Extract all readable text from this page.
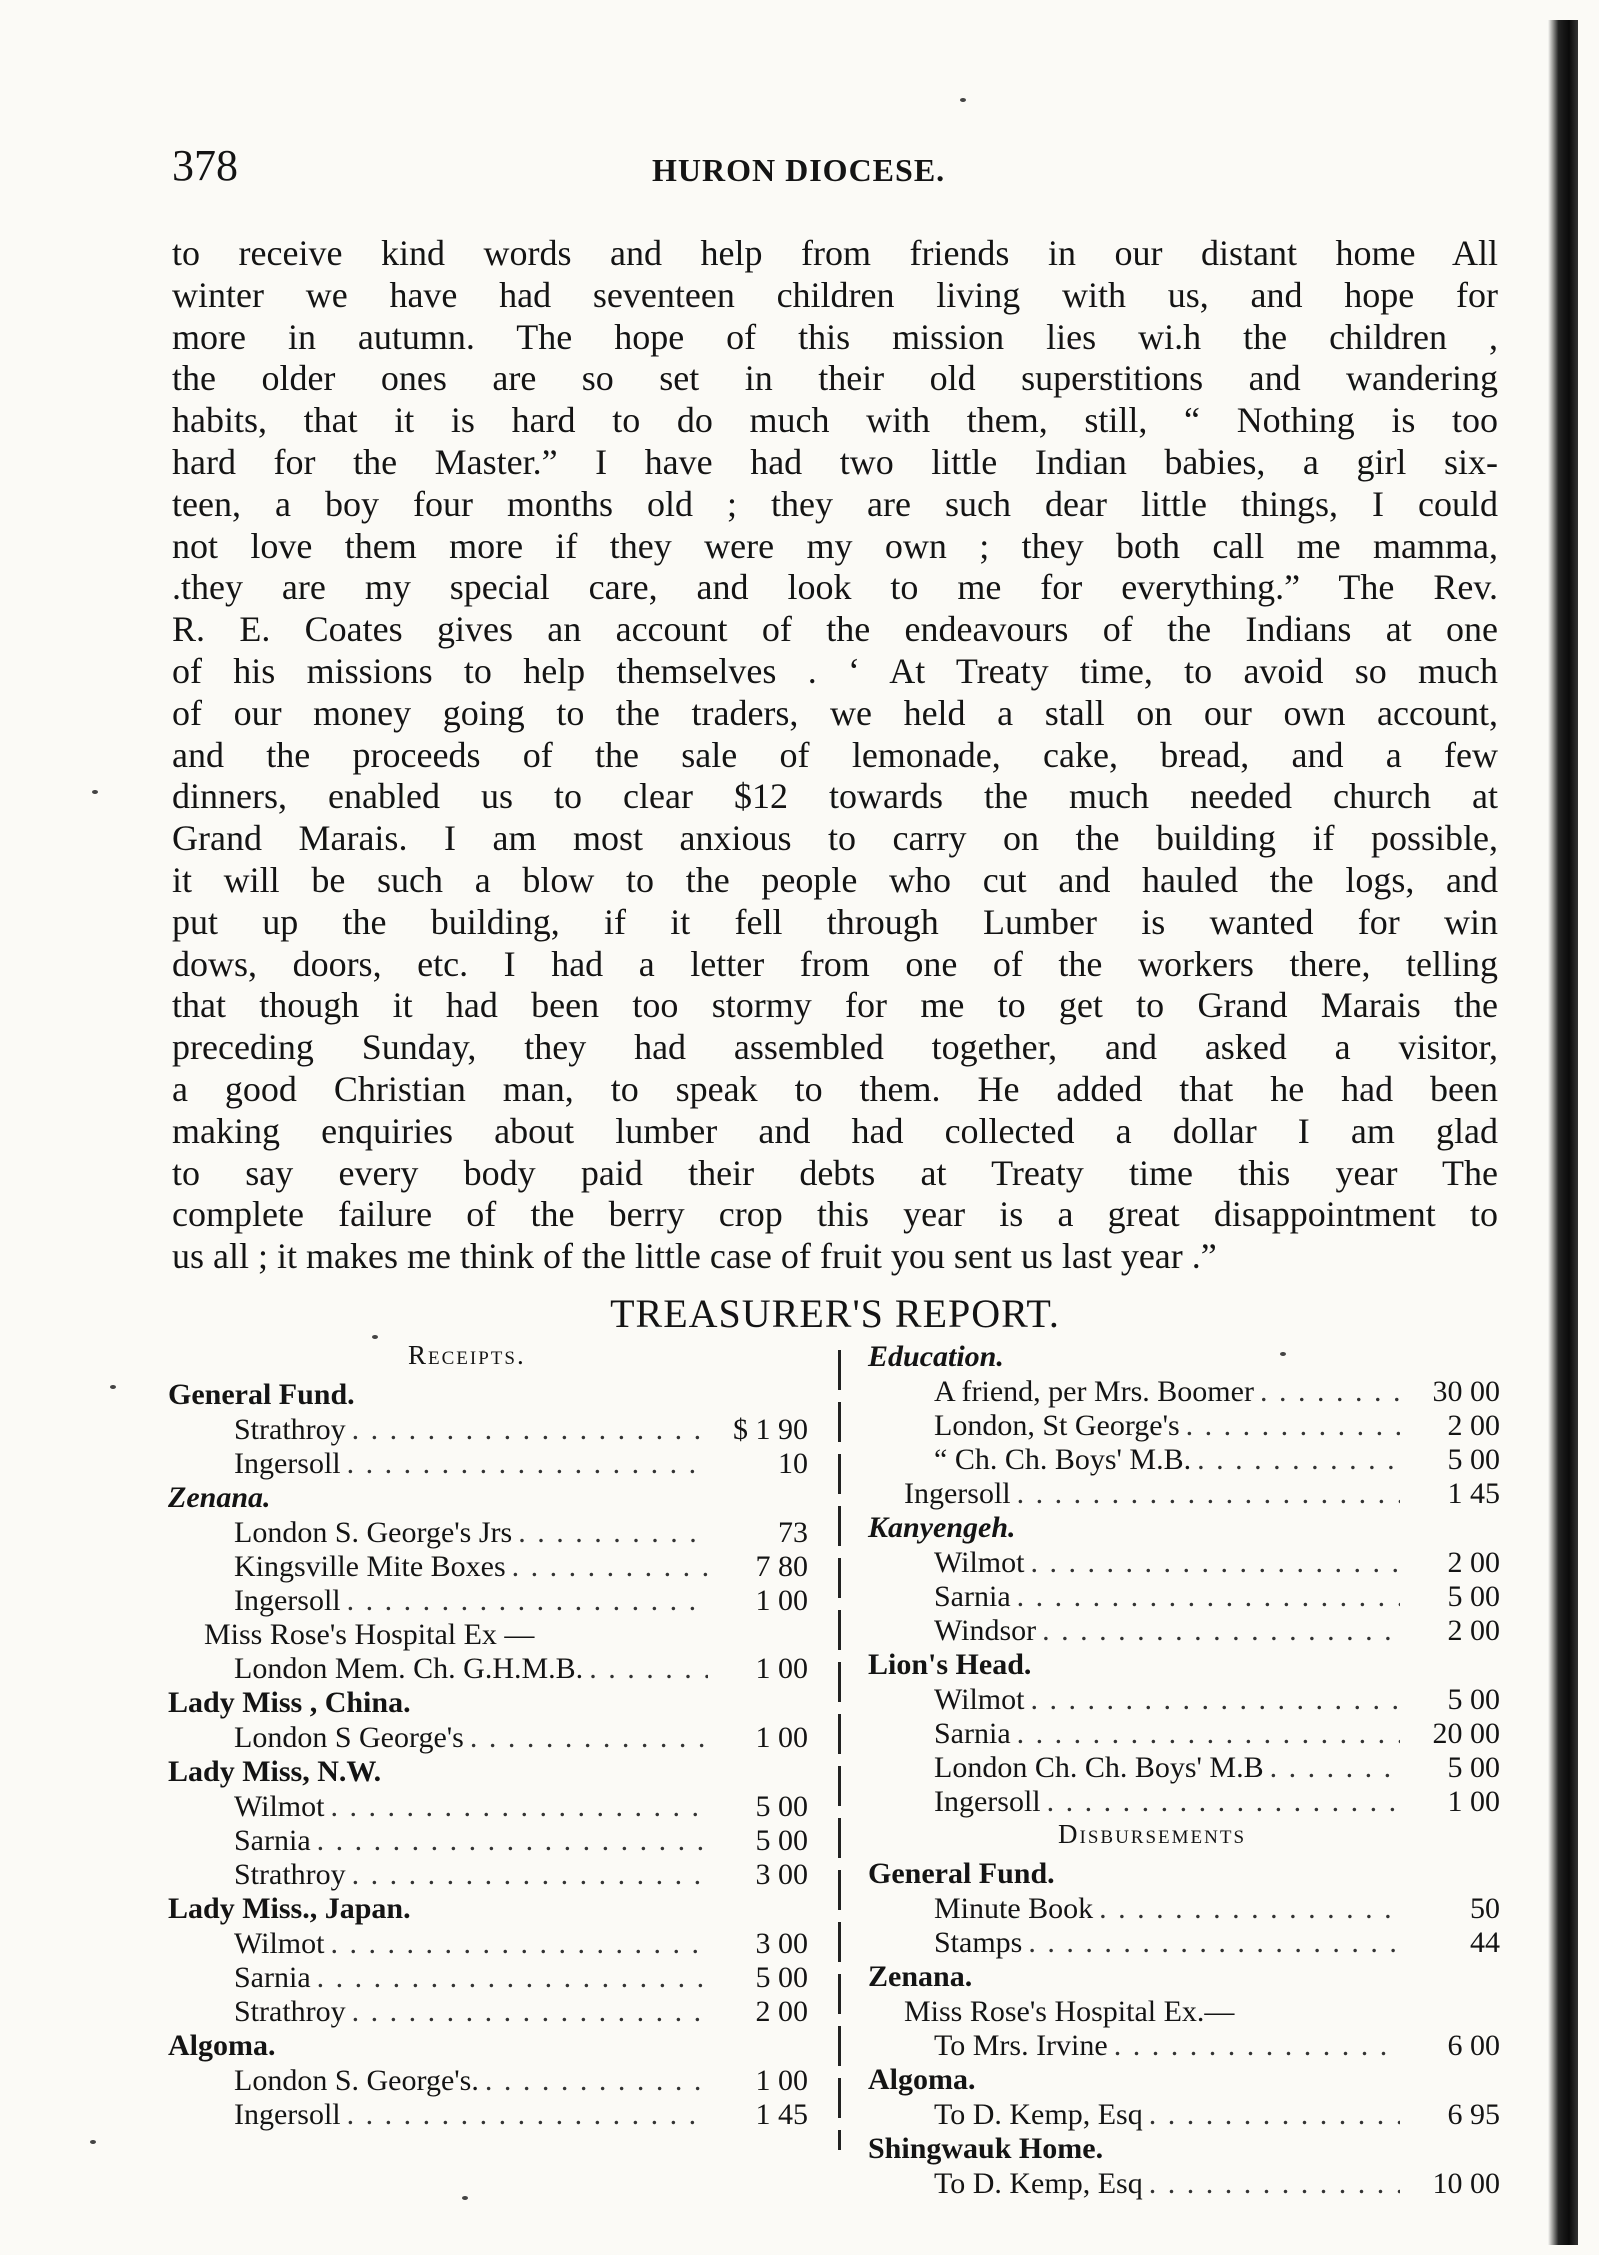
378	HURON DIOCESE.
to receive kind words and help from friends in our distant home All
winter we have had seventeen children living with us, and hope for
more in autumn. The hope of this mission lies wi.h the children ,
the older ones are so set in their old superstitions and wandering
habits, that it is hard to do much with them, still, “ Nothing is too
hard for the Master.” I have had two little Indian babies, a girl six-
teen, a boy four months old ; they are such dear little things, I could
not love them more if they were my own ; they both call me mamma,
.they are my special care, and look to me for everything.” The Rev.
R. E. Coates gives an account of the endeavours of the Indians at one
of his missions to help themselves . ‘ At Treaty time, to avoid so much
of our money going to the traders, we held a stall on our own account,
and the proceeds of the sale of lemonade, cake, bread, and a few
dinners, enabled us to clear $12 towards the much needed church at
Grand Marais. I am most anxious to carry on the building if possible,
it will be such a blow to the people who cut and hauled the logs, and
put up the building, if it fell through Lumber is wanted for win
dows, doors, etc. I had a letter from one of the workers there, telling
that though it had been too stormy for me to get to Grand Marais the
preceding Sunday, they had assembled together, and asked a visitor,
a good Christian man, to speak to them. He added that he had been
making enquiries about lumber and had collected a dollar I am glad
to say every body paid their debts at Treaty time this year The
complete failure of the berry crop this year is a great disappointment to
us all ; it makes me think of the little case of fruit you sent us last year .”
TREASURER'S REPORT.
Receipts.
General Fund.
Strathroy . . .	$ 1 90
Ingersoll . . .	10
Zenana.
London S. George's Jrs . . .	73
Kingsville Mite Boxes . . .	7 80
Ingersoll . . .	1 00
Miss Rose's Hospital Ex —
London Mem. Ch. G.H.M.B. . . .	1 00
Lady Miss , China.
London S George's . . .	1 00
Lady Miss, N.W.
Wilmot . . .	5 00
Sarnia . . .	5 00
Strathroy . . .	3 00
Lady Miss., Japan.
Wilmot . . .	3 00
Sarnia . . .	5 00
Strathroy . . .	2 00
Algoma.
London S. George's. . . .	1 00
Ingersoll . . .	1 45
Education.
A friend, per Mrs. Boomer . . .	30 00
London, St George's . . .	2 00
“ Ch. Ch. Boys' M.B. . . .	5 00
Ingersoll . . .	1 45
Kanyengeh.
Wilmot . . .	2 00
Sarnia . . .	5 00
Windsor . . .	2 00
Lion's Head.
Wilmot . . .	5 00
Sarnia . . .	20 00
London Ch. Ch. Boys' M.B . . .	5 00
Ingersoll . . .	1 00
Disbursements
General Fund.
Minute Book . . .	50
Stamps . . .	44
Zenana.
Miss Rose's Hospital Ex.—
To Mrs. Irvine . . .	6 00
Algoma.
To D. Kemp, Esq . . .	6 95
Shingwauk Home.
To D. Kemp, Esq . . .	10 00
